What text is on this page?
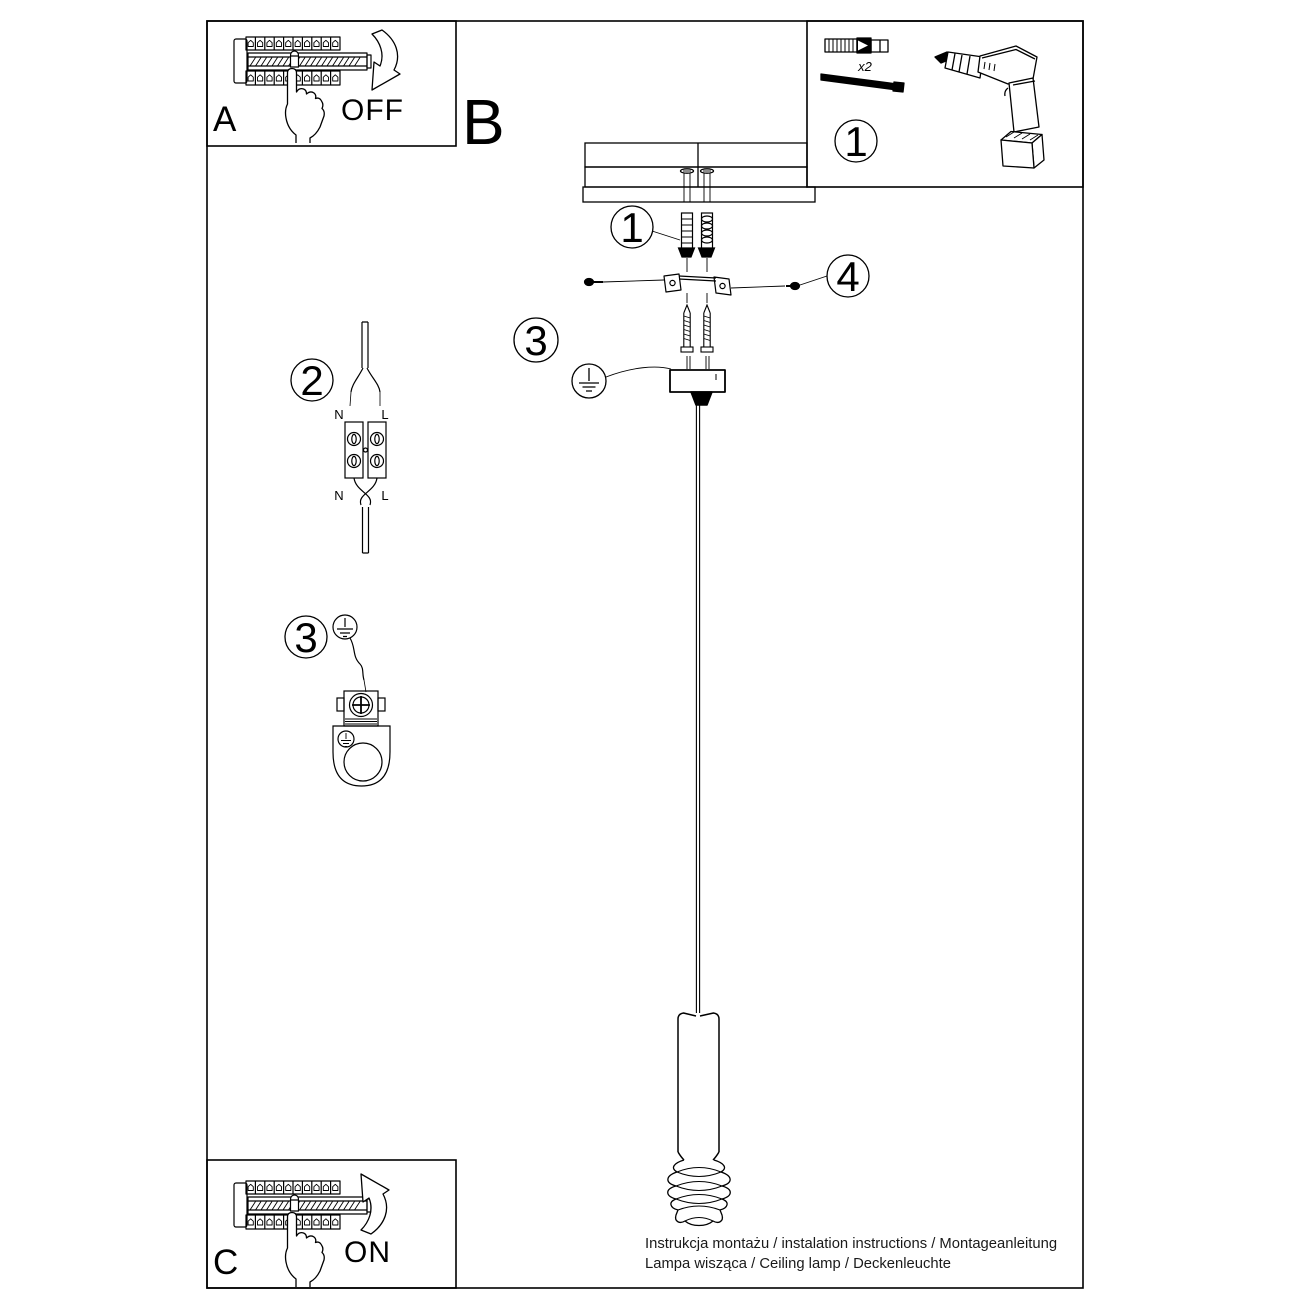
A	OFF B
C	ON
x2
1
1
2
3
3
4
N	L
N	L
Instrukcja montażu / instalation instructions / Montageanleitung
Lampa wisząca / Ceiling lamp / Deckenleuchte
